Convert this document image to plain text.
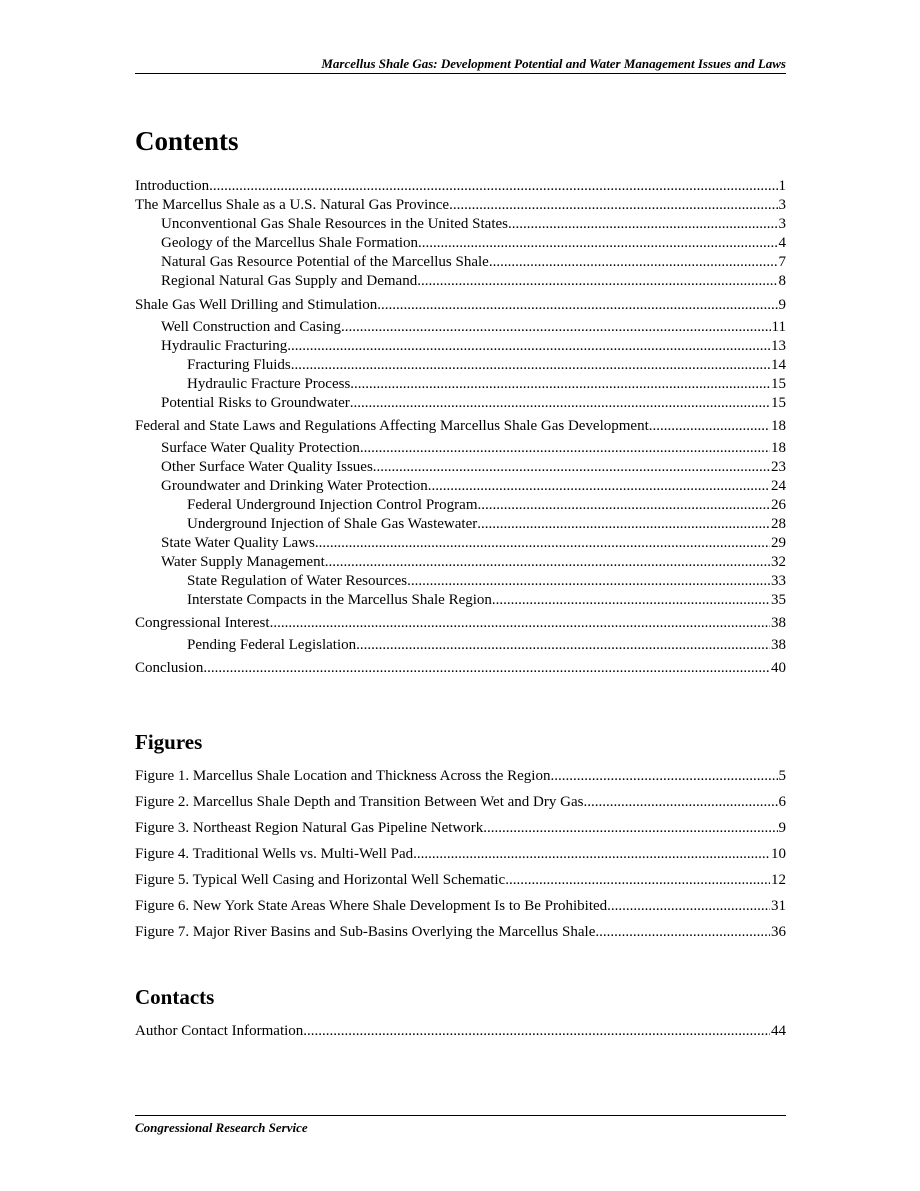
Marcellus Shale Gas: Development Potential and Water Management Issues and Laws
Contents
Introduction .....	1
The Marcellus Shale as a U.S. Natural Gas Province .....	3
Unconventional Gas Shale Resources in the United States .....	3
Geology of the Marcellus Shale Formation .....	4
Natural Gas Resource Potential of the Marcellus Shale .....	7
Regional Natural Gas Supply and Demand .....	8
Shale Gas Well Drilling and Stimulation .....	9
Well Construction and Casing .....	11
Hydraulic Fracturing .....	13
Fracturing Fluids .....	14
Hydraulic Fracture Process .....	15
Potential Risks to Groundwater .....	15
Federal and State Laws and Regulations Affecting Marcellus Shale Gas Development .....	18
Surface Water Quality Protection .....	18
Other Surface Water Quality Issues .....	23
Groundwater and Drinking Water Protection .....	24
Federal Underground Injection Control Program .....	26
Underground Injection of Shale Gas Wastewater .....	28
State Water Quality Laws .....	29
Water Supply Management .....	32
State Regulation of Water Resources .....	33
Interstate Compacts in the Marcellus Shale Region .....	35
Congressional Interest .....	38
Pending Federal Legislation .....	38
Conclusion .....	40
Figures
Figure 1. Marcellus Shale Location and Thickness Across the Region .....	5
Figure 2. Marcellus Shale Depth and Transition Between Wet and Dry Gas .....	6
Figure 3. Northeast Region Natural Gas Pipeline Network .....	9
Figure 4. Traditional Wells vs. Multi-Well Pad .....	10
Figure 5. Typical Well Casing and Horizontal Well Schematic .....	12
Figure 6. New York State Areas Where Shale Development Is to Be Prohibited .....	31
Figure 7. Major River Basins and Sub-Basins Overlying the Marcellus Shale .....	36
Contacts
Author Contact Information .....	44
Congressional Research Service
